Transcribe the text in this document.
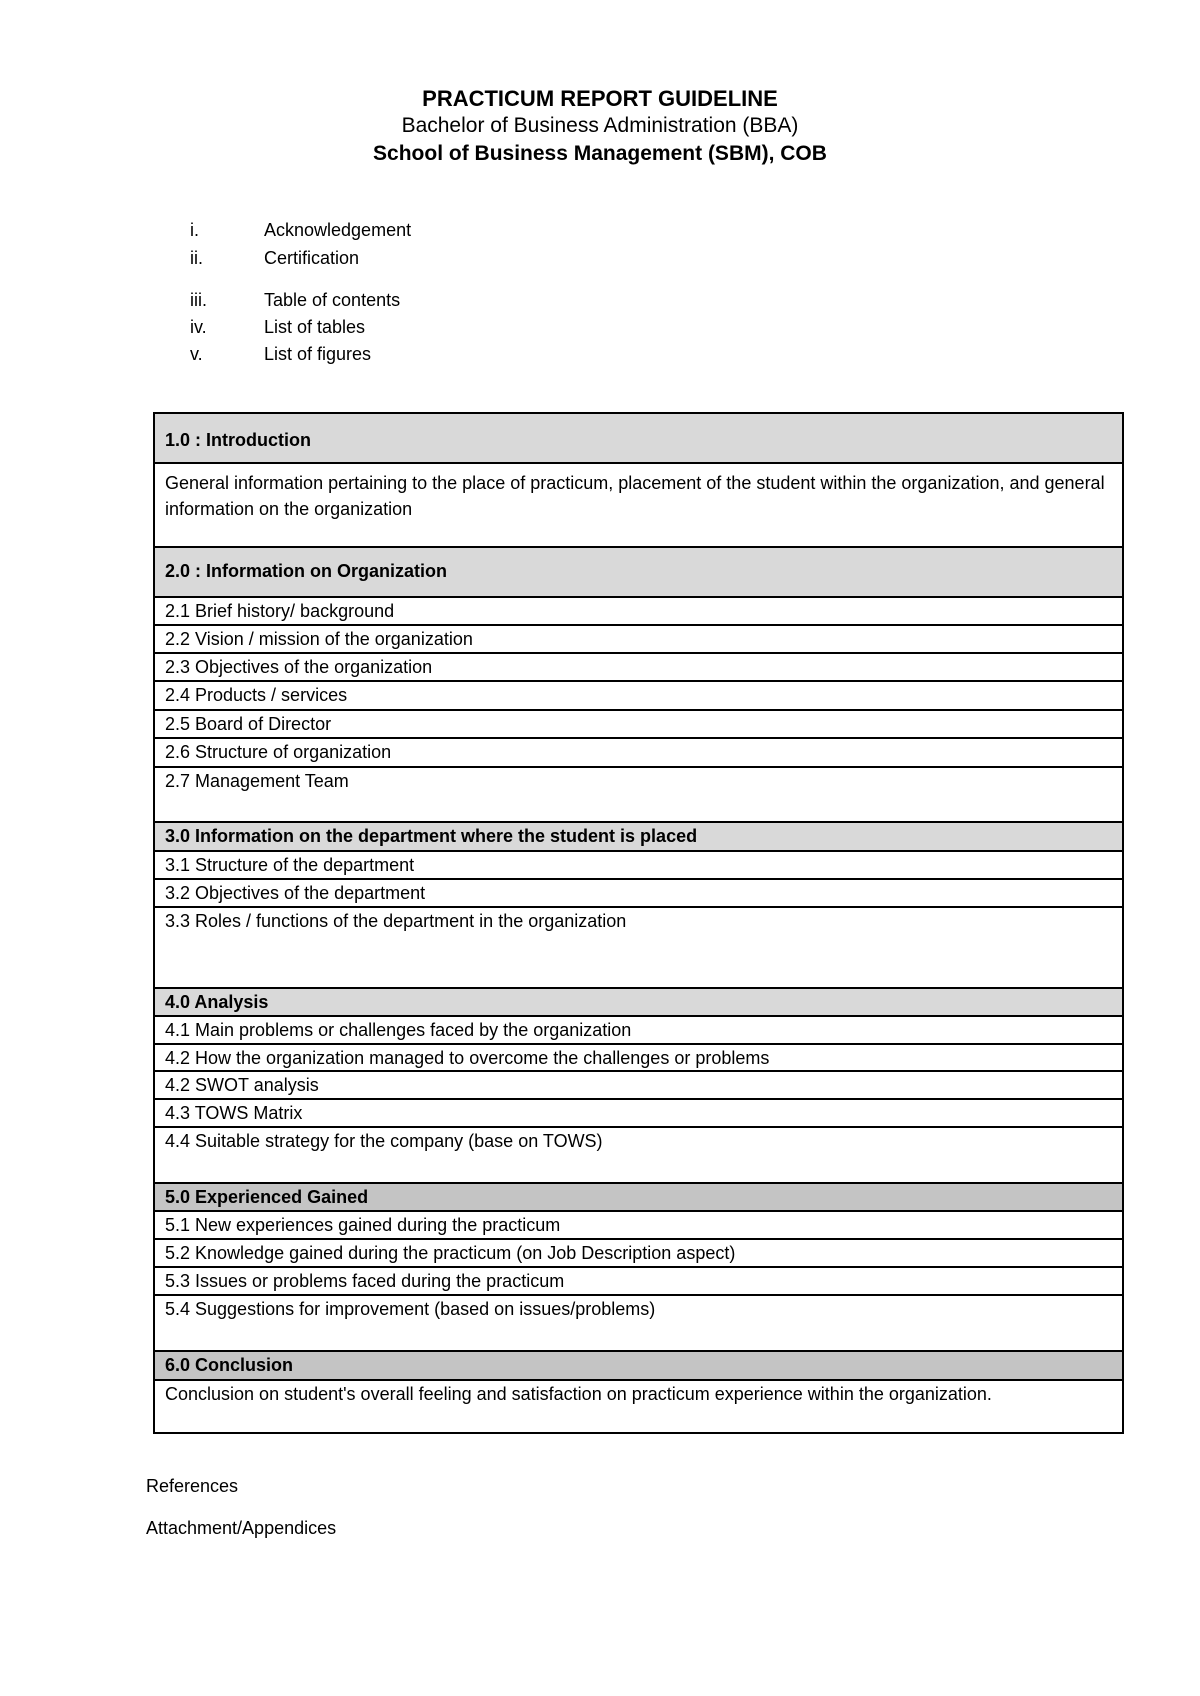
PRACTICUM REPORT GUIDELINE
Bachelor of Business Administration (BBA)
School of Business Management (SBM), COB
i.	Acknowledgement
ii.	Certification
iii.	Table of contents
iv.	List of tables
v.	List of figures
1.0 : Introduction
General information pertaining to the place of practicum, placement of the student within the organization, and general information on the organization
2.0 : Information on Organization
2.1 Brief history/ background
2.2 Vision / mission of the organization
2.3 Objectives of the organization
2.4 Products / services
2.5 Board of Director
2.6 Structure of organization
2.7 Management Team
3.0 Information on the department where the student is placed
3.1 Structure of the department
3.2 Objectives of the department
3.3 Roles / functions of the department in the organization
4.0 Analysis
4.1 Main problems or challenges faced by the organization
4.2 How the organization managed to overcome the challenges or problems
4.2 SWOT analysis
4.3 TOWS Matrix
4.4 Suitable strategy for the company (base on TOWS)
5.0 Experienced Gained
5.1 New experiences gained during the practicum
5.2 Knowledge gained during the practicum (on Job Description aspect)
5.3 Issues or problems faced during the practicum
5.4 Suggestions for improvement (based on issues/problems)
6.0 Conclusion
Conclusion on student's overall feeling and satisfaction on practicum experience within the organization.
References
Attachment/Appendices
